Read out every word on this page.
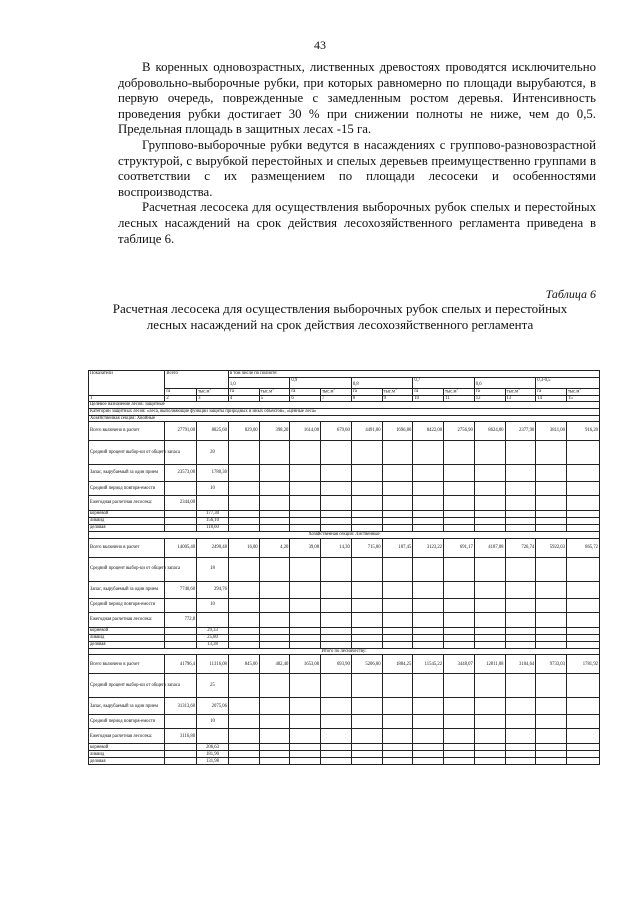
43

В коренных одновозрастных, лиственных древостоях проводятся исключительно добровольно-выборочные рубки, при которых равномерно по площади вырубаются, в первую очередь, поврежденные с замедленным ростом деревья. Интенсивность проведения рубки достигает 30 % при снижении полноты не ниже, чем до 0,5. Предельная площадь в защитных лесах -15 га.

Группово-выборочные рубки ведутся в насаждениях с группово-разновозрастной структурой, с вырубкой перестойных и спелых деревьев преимущественно группами в соответствии с их размещением по площади лесосеки и особенностями воспроизводства.

Расчетная лесосека для осуществления выборочных рубок спелых и перестойных лесных насаждений на срок действия лесохозяйственного регламента приведена в таблице 6.

Таблица 6
Расчетная лесосека для осуществления выборочных рубок спелых и перестойных лесных насаждений на срок действия лесохозяйственного регламента
Показатели	Всего		в том числе по полноте:											
			1,0		0,9		0,8		0,7		0,6		0,3-0,5	
	га	$тыс.м^3$	га	$тыс.м^3$	га	$тыс.м^3$	га	$тыс.м^3$	га	$тыс.м^3$	га	$тыс.м^3$	га	$тыс.м^3$
1	2	3	4	5	6	7	8	9	10	11	12	13	14	15
Целевое назначение лесов: защитные														
Категории защитных лесов: «леса, выполняющие функции защиты природных и иных объектов», «ценные леса»														
Хозяйственная секция: Хвойные														
Всего включено в расчет	27791,00	8825,60	829,00	398,20	1614,00	679,60	4491,00	1696,80	8422,00	2756,90	8624,00	2377,90	3811,00	916,20
Средний процент выбор-ки от общего запаса		20												
Запас, вырубаемый за один прием	23573,00	1780,30												
Средний период повторя-емости		10												
Ежегодная расчетная лесосека:	2344,00													
корневой		177,30												
ликвид		156,10												
деловая		118,60												
Хозяйственная секция: Лиственные														
Всего включено в расчет	14005,40	2490,48	16,00	4,20	39,08	14,30	715,00	187,45	3123,22	691,17	4187,08	726,74	5922,03	865,72
Средний процент выбор-ки от общего запаса		18												
Запас, вырубаемый за один прием	7740,60	294,76												
Средний период повторя-емости		10												
Ежегодная расчетная лесосека:	772,8													
корневой		29,33												
ликвид		25,80												
деловая		13,38												
Итого по лесничеству:														
Всего включено в расчет	41796,4	11316,08	845,00	402,40	1653,08	693,90	5206,00	1884,25	11545,22	3448,07	12811,08	3104,64	9733,03	1781,92
Средний процент выбор-ки от общего запаса		25												
Запас, вырубаемый за один прием	31313,60	2075,06												
Средний период повторя-емости		10												
Ежегодная расчетная лесосека:	3116,80													
корневой		206,63												
ликвид		181,90												
деловая		131,98												
